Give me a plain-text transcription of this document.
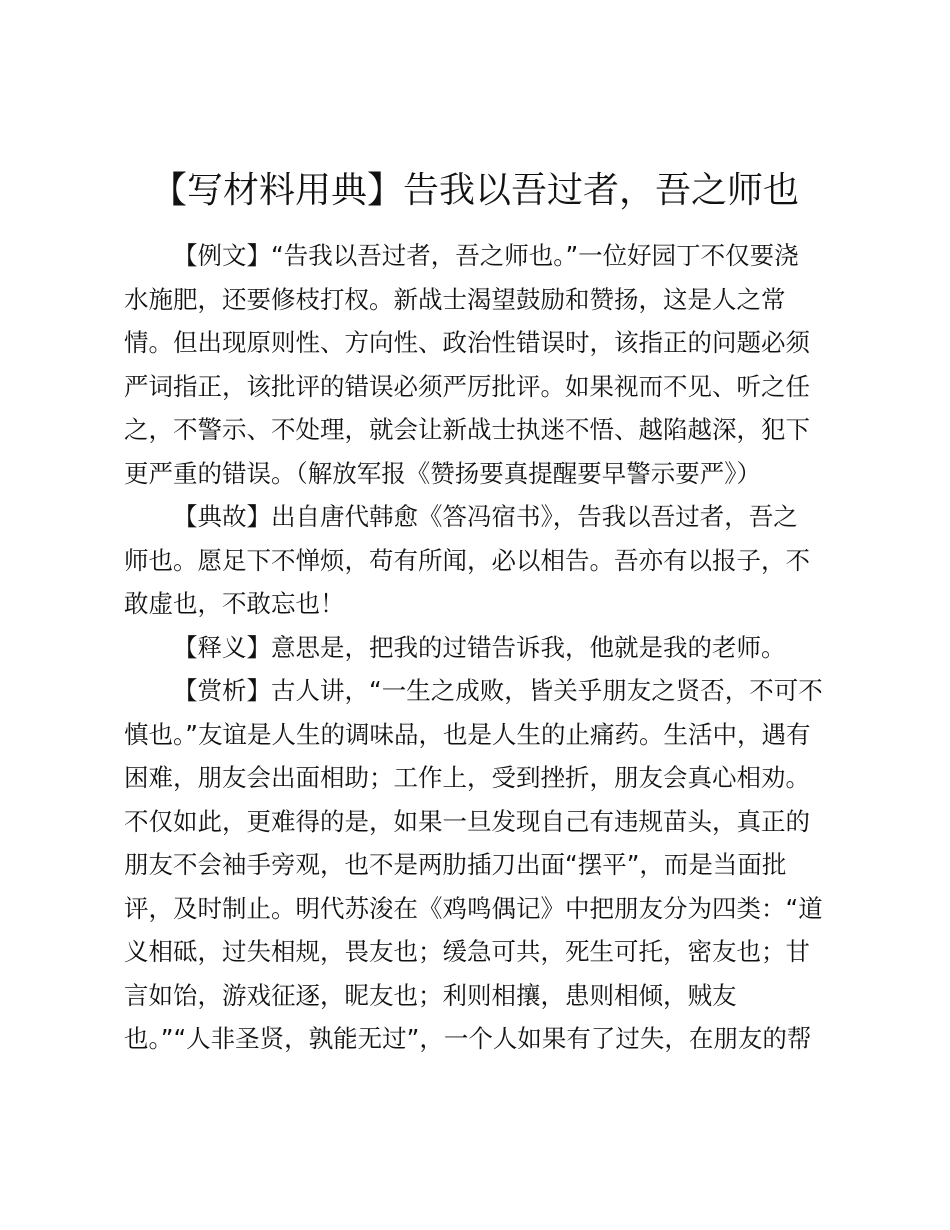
【写材料用典】告我以吾过者，吾之师也
【例文】“告我以吾过者，吾之师也。”一位好园丁不仅要浇
水施肥，还要修枝打杈。新战士渴望鼓励和赞扬，这是人之常
情。但出现原则性、方向性、政治性错误时，该指正的问题必须
严词指正，该批评的错误必须严厉批评。如果视而不见、听之任
之，不警示、不处理，就会让新战士执迷不悟、越陷越深，犯下
更严重的错误。（解放军报《赞扬要真提醒要早警示要严》）
【典故】出自唐代韩愈《答冯宿书》，告我以吾过者，吾之
师也。愿足下不惮烦，苟有所闻，必以相告。吾亦有以报子，不
敢虚也，不敢忘也！
【释义】意思是，把我的过错告诉我，他就是我的老师。
【赏析】古人讲，“一生之成败，皆关乎朋友之贤否，不可不
慎也。”友谊是人生的调味品，也是人生的止痛药。生活中，遇有
困难，朋友会出面相助；工作上，受到挫折，朋友会真心相劝。
不仅如此，更难得的是，如果一旦发现自己有违规苗头，真正的
朋友不会袖手旁观，也不是两肋插刀出面“摆平”，而是当面批
评，及时制止。明代苏浚在《鸡鸣偶记》中把朋友分为四类：“道
义相砥，过失相规，畏友也；缓急可共，死生可托，密友也；甘
言如饴，游戏征逐，昵友也；利则相攘，患则相倾，贼友
也。”“人非圣贤，孰能无过”，一个人如果有了过失，在朋友的帮
